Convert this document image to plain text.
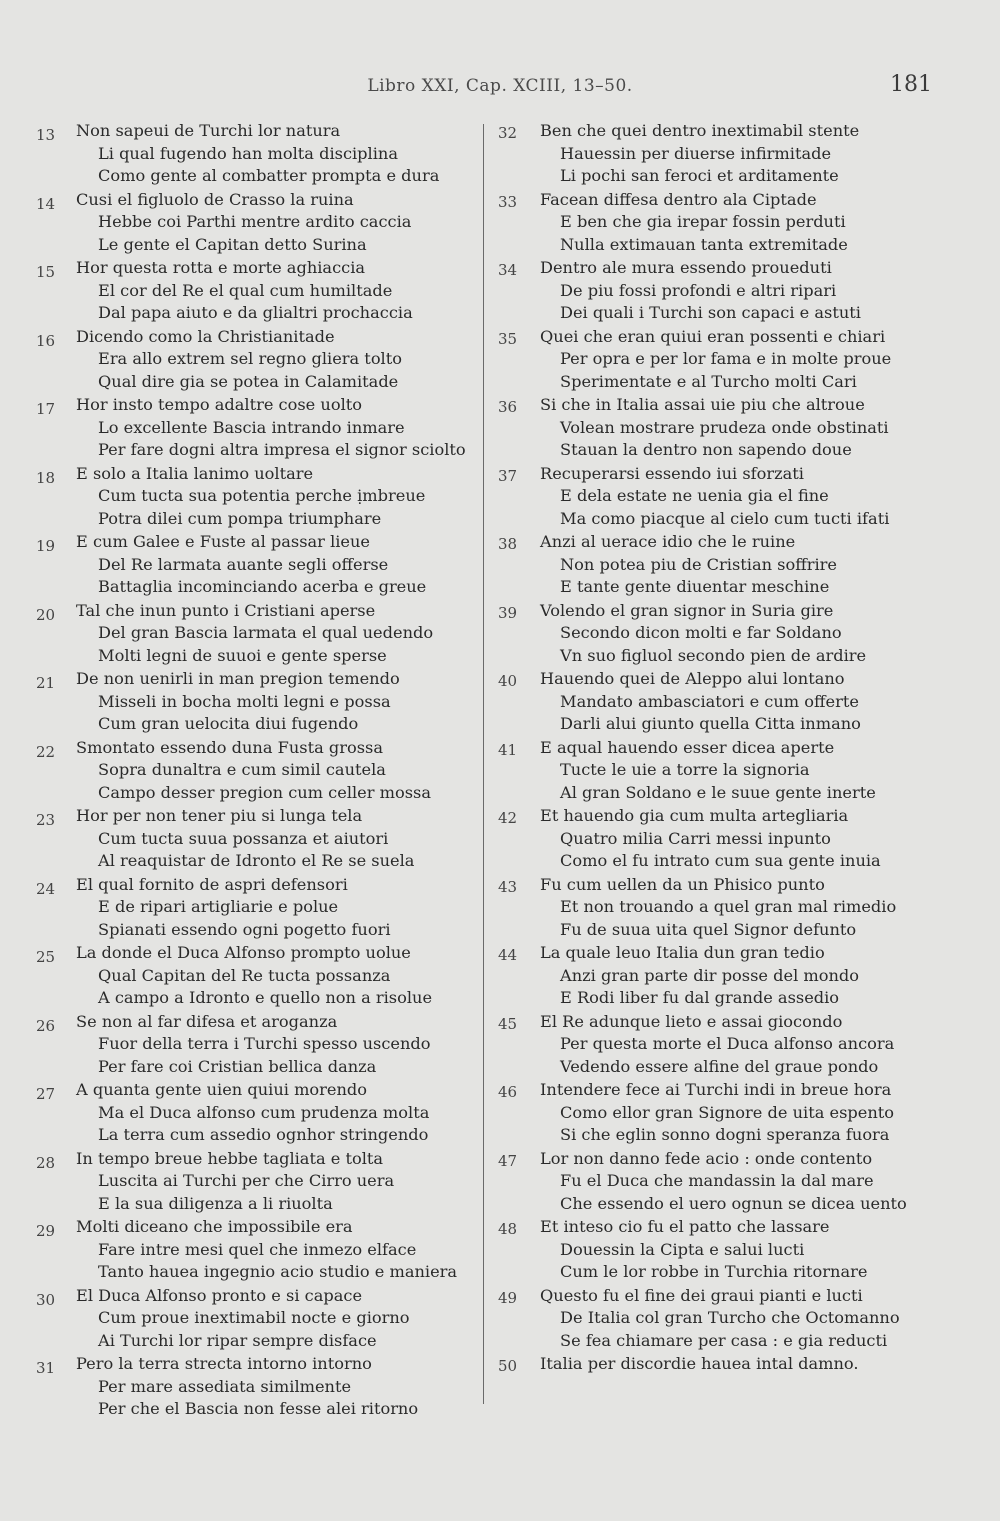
Libro XXI, Cap. XCIII, 13–50.	181
13	Non sapeui de Turchi lor natura
Li qual fugendo han molta disciplina
Como gente al combatter prompta e dura
14	Cusi el figluolo de Crasso la ruina
Hebbe coi Parthi mentre ardito caccia
Le gente el Capitan detto Surina
15	Hor questa rotta e morte aghiaccia
El cor del Re el qual cum humiltade
Dal papa aiuto e da glialtri prochaccia
16	Dicendo como la Christianitade
Era allo extrem sel regno gliera tolto
Qual dire gia se potea in Calamitade
17	Hor insto tempo adaltre cose uolto
Lo excellente Bascia intrando inmare
Per fare dogni altra impresa el signor sciolto
18	E solo a Italia lanimo uoltare
Cum tucta sua potentia perche ịmbreue
Potra dilei cum pompa triumphare
19	E cum Galee e Fuste al passar lieue
Del Re larmata auante segli offerse
Battaglia incominciando acerba e greue
20	Tal che inun punto i Cristiani aperse
Del gran Bascia larmata el qual uedendo
Molti legni de suuoi e gente sperse
21	De non uenirli in man pregion temendo
Misseli in bocha molti legni e possa
Cum gran uelocita diui fugendo
22	Smontato essendo duna Fusta grossa
Sopra dunaltra e cum simil cautela
Campo desser pregion cum celler mossa
23	Hor per non tener piu si lunga tela
Cum tucta suua possanza et aiutori
Al reaquistar de Idronto el Re se suela
24	El qual fornito de aspri defensori
E de ripari artigliarie e polue
Spianati essendo ogni pogetto fuori
25	La donde el Duca Alfonso prompto uolue
Qual Capitan del Re tucta possanza
A campo a Idronto e quello non a risolue
26	Se non al far difesa et aroganza
Fuor della terra i Turchi spesso uscendo
Per fare coi Cristian bellica danza
27	A quanta gente uien quiui morendo
Ma el Duca alfonso cum prudenza molta
La terra cum assedio ognhor stringendo
28	In tempo breue hebbe tagliata e tolta
Luscita ai Turchi per che Cirro uera
E la sua diligenza a li riuolta
29	Molti diceano che impossibile era
Fare intre mesi quel che inmezo elface
Tanto hauea ingegnio acio studio e maniera
30	El Duca Alfonso pronto e si capace
Cum proue inextimabil nocte e giorno
Ai Turchi lor ripar sempre disface
31	Pero la terra strecta intorno intorno
Per mare assediata similmente
Per che el Bascia non fesse alei ritorno
32	Ben che quei dentro inextimabil stente
Hauessin per diuerse infirmitade
Li pochi san feroci et arditamente
33	Facean diffesa dentro ala Ciptade
E ben che gia irepar fossin perduti
Nulla extimauan tanta extremitade
34	Dentro ale mura essendo proueduti
De piu fossi profondi e altri ripari
Dei quali i Turchi son capaci e astuti
35	Quei che eran quiui eran possenti e chiari
Per opra e per lor fama e in molte proue
Sperimentate e al Turcho molti Cari
36	Si che in Italia assai uie piu che altroue
Volean mostrare prudeza onde obstinati
Stauan la dentro non sapendo doue
37	Recuperarsi essendo iui sforzati
E dela estate ne uenia gia el fine
Ma como piacque al cielo cum tucti ifati
38	Anzi al uerace idio che le ruine
Non potea piu de Cristian soffrire
E tante gente diuentar meschine
39	Volendo el gran signor in Suria gire
Secondo dicon molti e far Soldano
Vn suo figluol secondo pien de ardire
40	Hauendo quei de Aleppo alui lontano
Mandato ambasciatori e cum offerte
Darli alui giunto quella Citta inmano
41	E aqual hauendo esser dicea aperte
Tucte le uie a torre la signoria
Al gran Soldano e le suue gente inerte
42	Et hauendo gia cum multa artegliaria
Quatro milia Carri messi inpunto
Como el fu intrato cum sua gente inuia
43	Fu cum uellen da un Phisico punto
Et non trouando a quel gran mal rimedio
Fu de suua uita quel Signor defunto
44	La quale leuo Italia dun gran tedio
Anzi gran parte dir posse del mondo
E Rodi liber fu dal grande assedio
45	El Re adunque lieto e assai giocondo
Per questa morte el Duca alfonso ancora
Vedendo essere alfine del graue pondo
46	Intendere fece ai Turchi indi in breue hora
Como ellor gran Signore de uita espento
Si che eglin sonno dogni speranza fuora
47	Lor non danno fede acio : onde contento
Fu el Duca che mandassin la dal mare
Che essendo el uero ognun se dicea uento
48	Et inteso cio fu el patto che lassare
Douessin la Cipta e salui lucti
Cum le lor robbe in Turchia ritornare
49	Questo fu el fine dei graui pianti e lucti
De Italia col gran Turcho che Octomanno
Se fea chiamare per casa : e gia reducti
50	Italia per discordie hauea intal damno.
